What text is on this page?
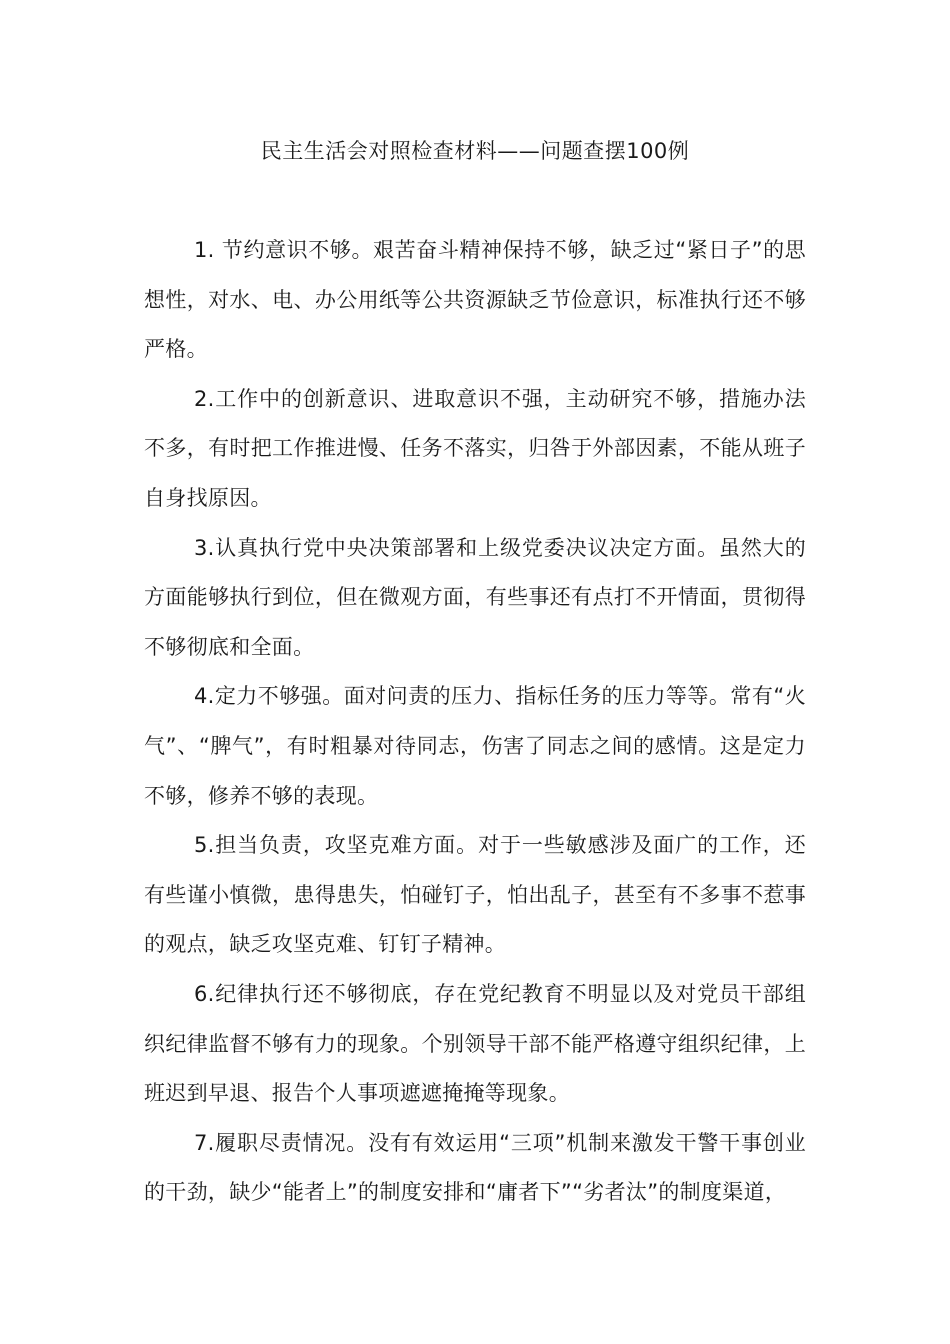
民主生活会对照检查材料——问题查摆100例

1. 节约意识不够。艰苦奋斗精神保持不够，缺乏过“紧日子”的思想性，对水、电、办公用纸等公共资源缺乏节俭意识，标准执行还不够严格。

2.工作中的创新意识、进取意识不强，主动研究不够，措施办法不多，有时把工作推进慢、任务不落实，归咎于外部因素，不能从班子自身找原因。

3.认真执行党中央决策部署和上级党委决议决定方面。虽然大的方面能够执行到位，但在微观方面，有些事还有点打不开情面，贯彻得不够彻底和全面。

4.定力不够强。面对问责的压力、指标任务的压力等等。常有“火气”、“脾气”，有时粗暴对待同志，伤害了同志之间的感情。这是定力不够，修养不够的表现。

5.担当负责，攻坚克难方面。对于一些敏感涉及面广的工作，还有些谨小慎微，患得患失，怕碰钉子，怕出乱子，甚至有不多事不惹事的观点，缺乏攻坚克难、钉钉子精神。

6.纪律执行还不够彻底，存在党纪教育不明显以及对党员干部组织纪律监督不够有力的现象。个别领导干部不能严格遵守组织纪律，上班迟到早退、报告个人事项遮遮掩掩等现象。

7.履职尽责情况。没有有效运用“三项”机制来激发干警干事创业的干劲，缺少“能者上”的制度安排和“庸者下”“劣者汰”的制度渠道，
